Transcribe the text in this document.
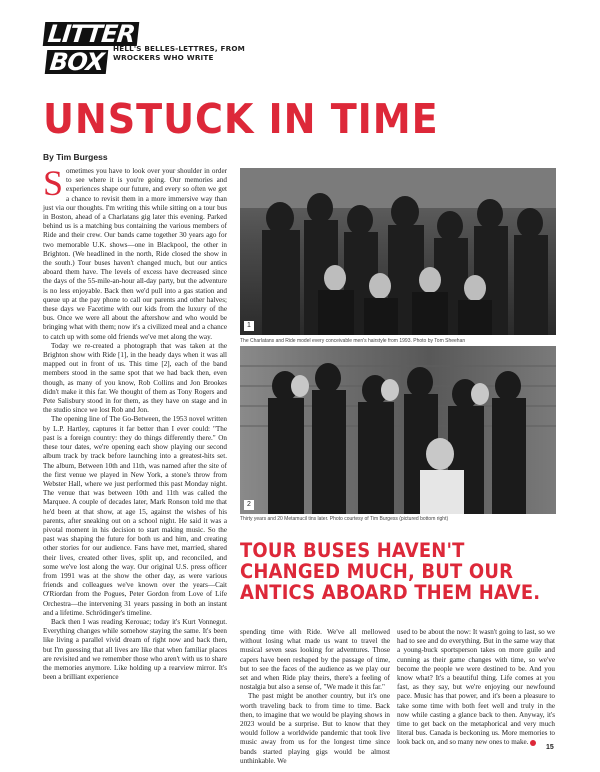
LITTER
BOX	HELL'S BELLES-LETTRES, FROM WROCKERS WHO WRITE
UNSTUCK IN TIME
By Tim Burgess

Sometimes you have to look over your shoulder in order to see where it is you're going. Our memories and experiences shape our future, and every so often we get a chance to revisit them in a more immersive way than just via our thoughts. I'm writing this while sitting on a tour bus in Boston, ahead of a Charlatans gig later this evening. Parked behind us is a matching bus containing the various members of Ride and their crew. Our bands came together 30 years ago for two memorable U.K. shows—one in Blackpool, the other in Brighton. (We headlined in the north, Ride closed the show in the south.) Tour buses haven't changed much, but our antics aboard them have. The levels of excess have decreased since the days of the 55-mile-an-hour all-day party, but the adventure is no less enjoyable. Back then we'd pull into a gas station and queue up at the pay phone to call our parents and other halves; these days we Facetime with our kids from the luxury of the bus. Once we were all about the aftershow and who would be bringing what with them; now it's a civilized meal and a chance to catch up with some old friends we've met along the way.

Today we re-created a photograph that was taken at the Brighton show with Ride [1], in the heady days when it was all mapped out in front of us. This time [2], each of the band members stood in the same spot that we had back then, even though, as many of you know, Rob Collins and Jon Brookes didn't make it this far. We thought of them as Tony Rogers and Pete Salisbury stood in for them, as they have on stage and in the studio since we lost Rob and Jon.

The opening line of The Go-Between, the 1953 novel written by L.P. Hartley, captures it far better than I ever could: "The past is a foreign country: they do things differently there." On these tour dates, we're opening each show playing our second album track by track before launching into a greatest-hits set. The album, Between 10th and 11th, was named after the site of the first venue we played in New York, a stone's throw from Webster Hall, where we just performed this past Monday night. The venue that was between 10th and 11th was called the Marquee. A couple of decades later, Mark Ronson told me that he'd been at that show, at age 15, against the wishes of his parents, after sneaking out on a school night. He said it was a pivotal moment in his decision to start making music. So the past was shaping the future for both us and him, and creating other stories for our audience. Fans have met, married, shared their lives, created other lives, split up, and reconciled, and some we've lost along the way. Our original U.S. press officer from 1991 was at the show the other day, as were various friends and colleagues we've known over the years—Cait O'Riordan from the Pogues, Peter Gordon from Love of Life Orchestra—the intervening 31 years passing in both an instant and a lifetime. Schrödinger's timeline.

Back then I was reading Kerouac; today it's Kurt Vonnegut. Everything changes while somehow staying the same. It's been like living a parallel vivid dream of right now and back then, but I'm guessing that all lives are like that when familiar places are revisited and we remember those who aren't with us to share the memories anymore. Like holding up a rearview mirror. It's been a brilliant experience

1
The Charlatans and Ride model every conceivable men's hairstyle from 1993. Photo by Tom Sheehan
2
Thirty years and 20 Metamucil tins later. Photo courtesy of Tim Burgess (pictured bottom right)
TOUR BUSES HAVEN'T CHANGED MUCH, BUT OUR ANTICS ABOARD THEM HAVE.

spending time with Ride. We've all mellowed without losing what made us want to travel the musical seven seas looking for adventures. Those capers have been reshaped by the passage of time, but to see the faces of the audience as we play our set and when Ride play theirs, there's a feeling of nostalgia but also a sense of, "We made it this far."

The past might be another country, but it's one worth traveling back to from time to time. Back then, to imagine that we would be playing shows in 2023 would be a surprise. But to know that they would follow a worldwide pandemic that took live music away from us for the longest time since bands started playing gigs would be almost unthinkable. We

used to be about the now: It wasn't going to last, so we had to see and do everything. But in the same way that a young-buck sportsperson takes on more guile and cunning as their game changes with time, so we've become the people we were destined to be. And you know what? It's a beautiful thing. Life comes at you fast, as they say, but we're enjoying our newfound pace. Music has that power, and it's been a pleasure to take some time with both feet well and truly in the now while casting a glance back to then. Anyway, it's time to get back on the metaphorical and very much literal bus. Canada is beckoning us. More memories to look back on, and so many new ones to make.

15
